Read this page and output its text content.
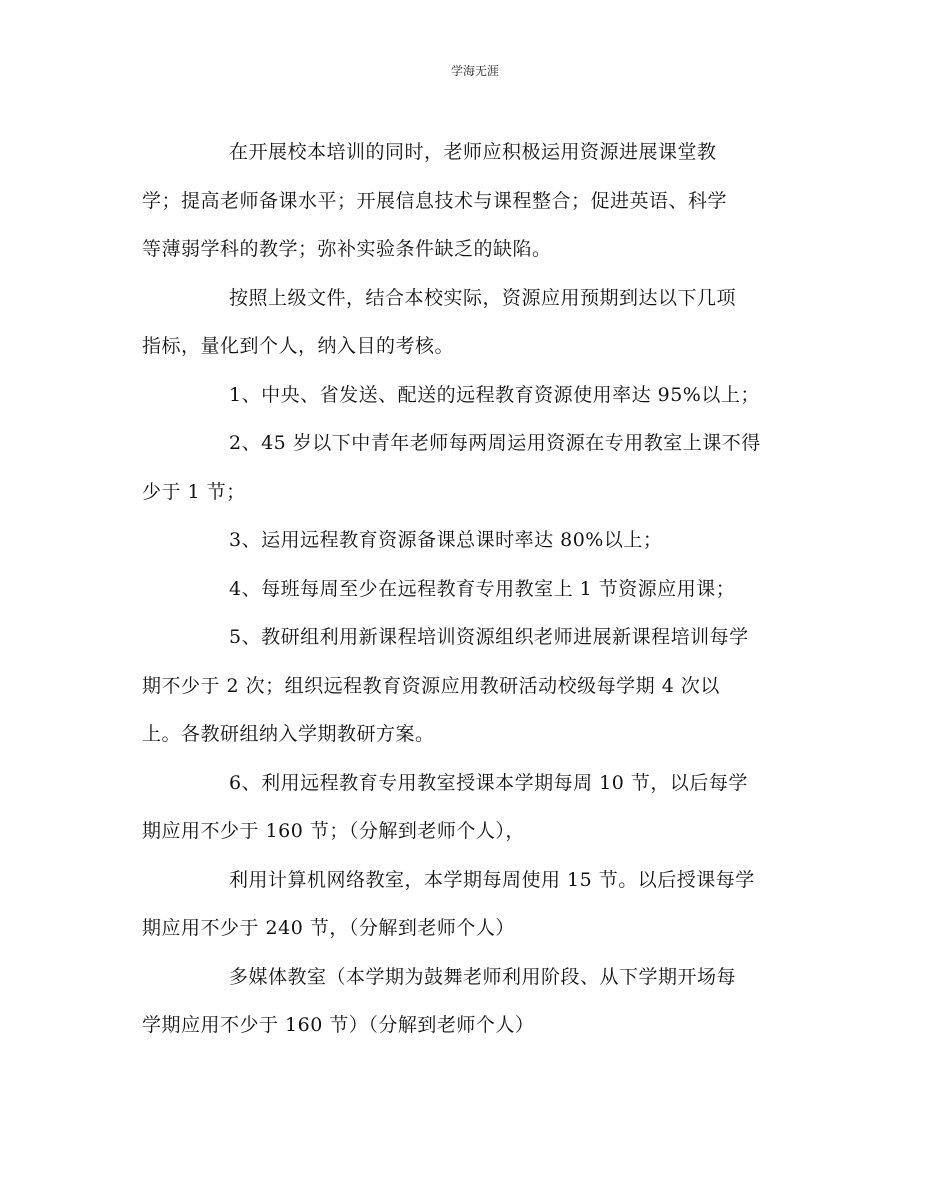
学海无涯

在开展校本培训的同时，老师应积极运用资源进展课堂教
学；提高老师备课水平；开展信息技术与课程整合；促进英语、科学
等薄弱学科的教学；弥补实验条件缺乏的缺陷。

按照上级文件，结合本校实际，资源应用预期到达以下几项
指标，量化到个人，纳入目的考核。

1、中央、省发送、配送的远程教育资源使用率达 95%以上；

2、45 岁以下中青年老师每两周运用资源在专用教室上课不得
少于 1 节；

3、运用远程教育资源备课总课时率达 80%以上；

4、每班每周至少在远程教育专用教室上 1 节资源应用课；

5、教研组利用新课程培训资源组织老师进展新课程培训每学
期不少于 2 次；组织远程教育资源应用教研活动校级每学期 4 次以
上。各教研组纳入学期教研方案。

6、利用远程教育专用教室授课本学期每周 10 节，以后每学
期应用不少于 160 节；（分解到老师个人），

利用计算机网络教室，本学期每周使用 15 节。以后授课每学
期应用不少于 240 节，（分解到老师个人）

多媒体教室（本学期为鼓舞老师利用阶段、从下学期开场每
学期应用不少于 160 节）（分解到老师个人）
